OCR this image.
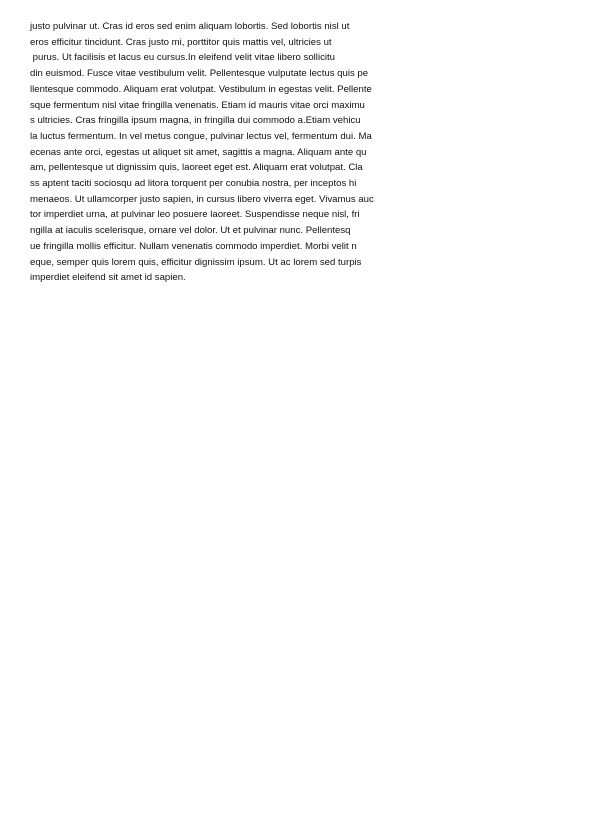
justo pulvinar ut. Cras id eros sed enim aliquam lobortis. Sed lobortis nisl ut
eros efficitur tincidunt. Cras justo mi, porttitor quis mattis vel, ultricies ut
purus. Ut facilisis et lacus eu cursus.In eleifend velit vitae libero sollicitu
din euismod. Fusce vitae vestibulum velit. Pellentesque vulputate lectus quis pe
llentesque commodo. Aliquam erat volutpat. Vestibulum in egestas velit. Pellente
sque fermentum nisl vitae fringilla venenatis. Etiam id mauris vitae orci maximu
s ultricies. Cras fringilla ipsum magna, in fringilla dui commodo a.Etiam vehicu
la luctus fermentum. In vel metus congue, pulvinar lectus vel, fermentum dui. Ma
ecenas ante orci, egestas ut aliquet sit amet, sagittis a magna. Aliquam ante qu
am, pellentesque ut dignissim quis, laoreet eget est. Aliquam erat volutpat. Cla
ss aptent taciti sociosqu ad litora torquent per conubia nostra, per inceptos hi
menaeos. Ut ullamcorper justo sapien, in cursus libero viverra eget. Vivamus auc
tor imperdiet urna, at pulvinar leo posuere laoreet. Suspendisse neque nisl, fri
ngilla at iaculis scelerisque, ornare vel dolor. Ut et pulvinar nunc. Pellentesq
ue fringilla mollis efficitur. Nullam venenatis commodo imperdiet. Morbi velit n
eque, semper quis lorem quis, efficitur dignissim ipsum. Ut ac lorem sed turpis
imperdiet eleifend sit amet id sapien.
